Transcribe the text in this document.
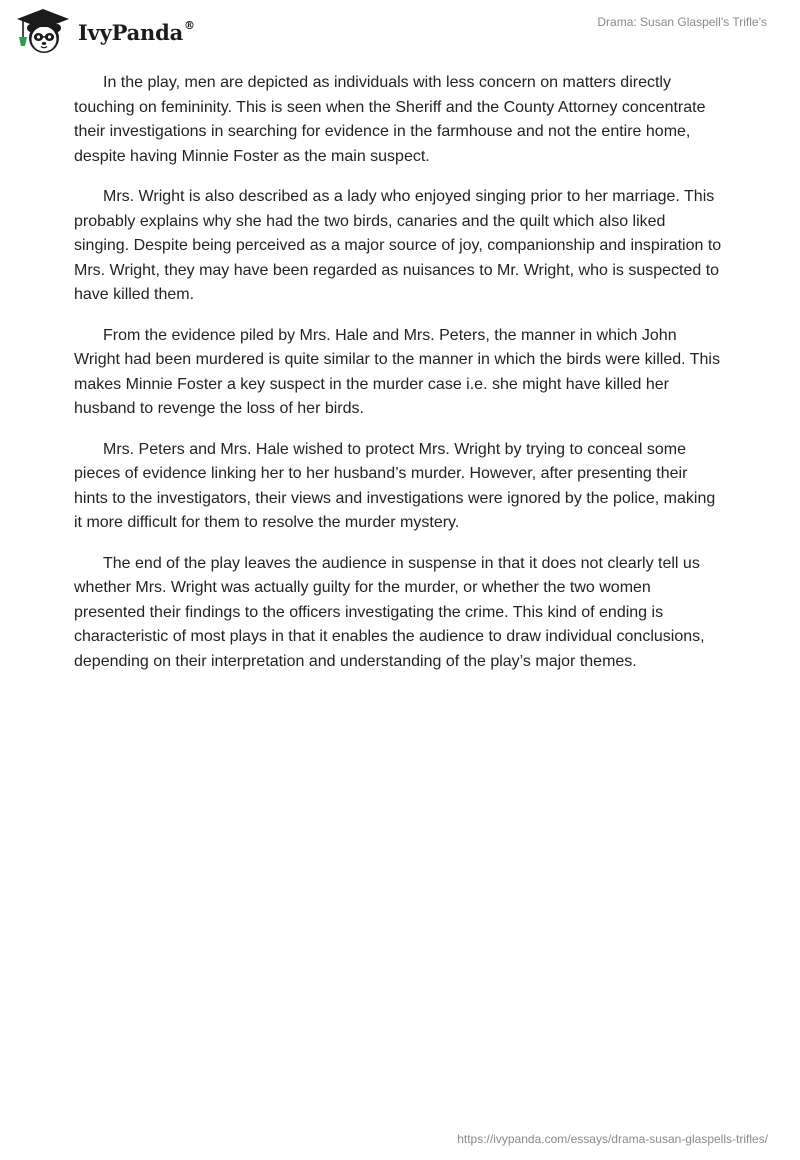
IvyPanda®	Drama: Susan Glaspell’s Trifle’s

In the play, men are depicted as individuals with less concern on matters directly touching on femininity. This is seen when the Sheriff and the County Attorney concentrate their investigations in searching for evidence in the farmhouse and not the entire home, despite having Minnie Foster as the main suspect.

Mrs. Wright is also described as a lady who enjoyed singing prior to her marriage. This probably explains why she had the two birds, canaries and the quilt which also liked singing. Despite being perceived as a major source of joy, companionship and inspiration to Mrs. Wright, they may have been regarded as nuisances to Mr. Wright, who is suspected to have killed them.

From the evidence piled by Mrs. Hale and Mrs. Peters, the manner in which John Wright had been murdered is quite similar to the manner in which the birds were killed. This makes Minnie Foster a key suspect in the murder case i.e. she might have killed her husband to revenge the loss of her birds.

Mrs. Peters and Mrs. Hale wished to protect Mrs. Wright by trying to conceal some pieces of evidence linking her to her husband’s murder. However, after presenting their hints to the investigators, their views and investigations were ignored by the police, making it more difficult for them to resolve the murder mystery.

The end of the play leaves the audience in suspense in that it does not clearly tell us whether Mrs. Wright was actually guilty for the murder, or whether the two women presented their findings to the officers investigating the crime. This kind of ending is characteristic of most plays in that it enables the audience to draw individual conclusions, depending on their interpretation and understanding of the play’s major themes.

https://ivypanda.com/essays/drama-susan-glaspells-trifles/
